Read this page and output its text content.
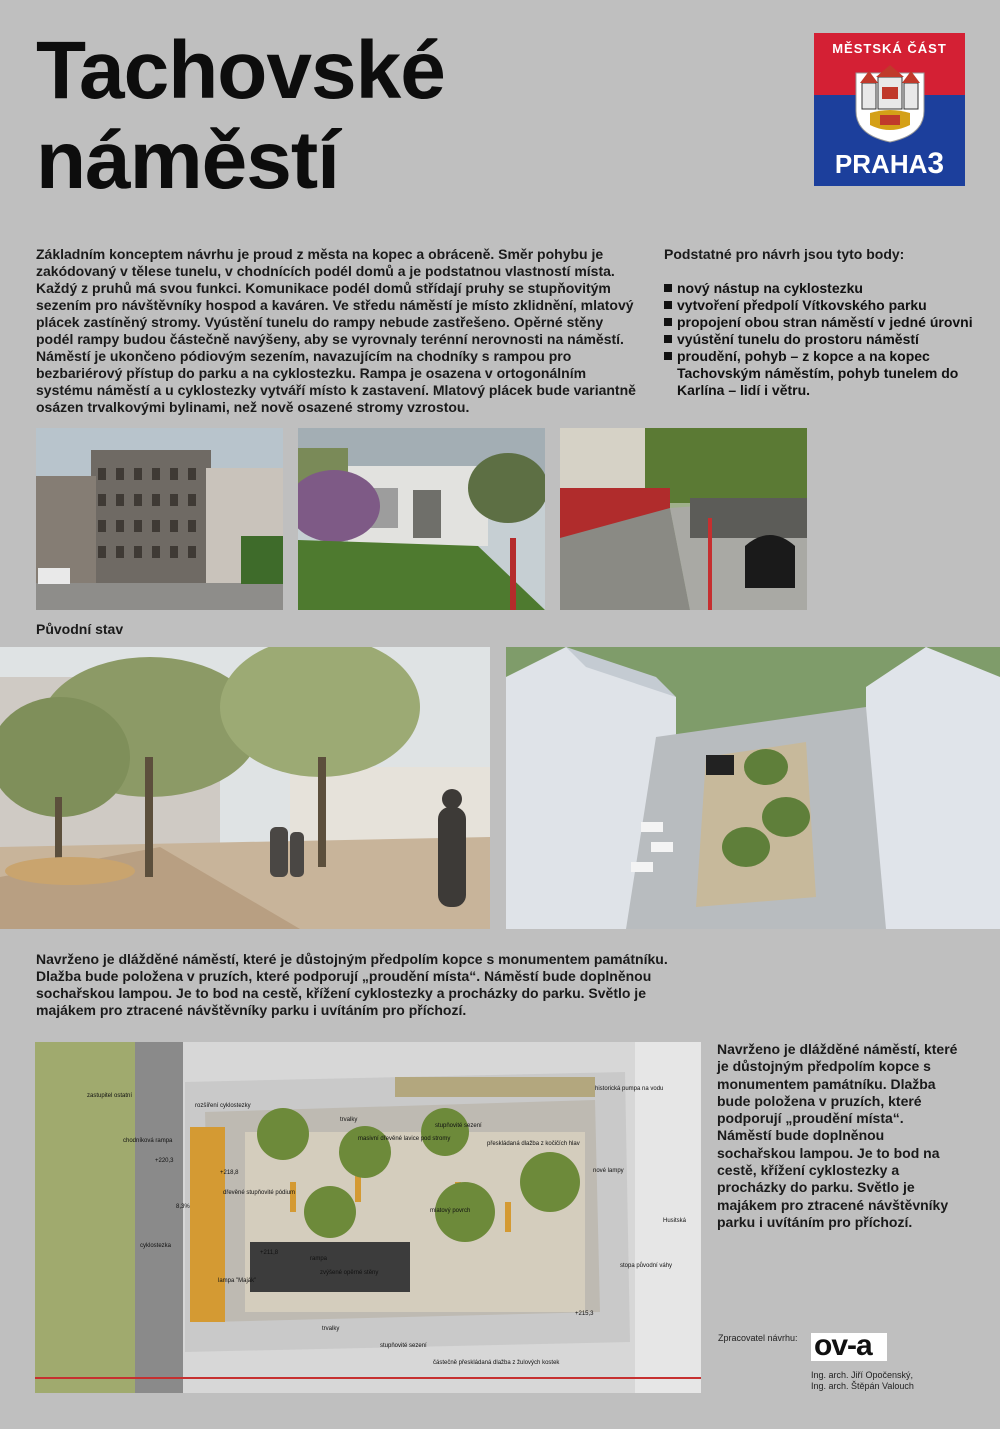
Tachovské
náměstí
MĚSTSKÁ ČÁST
PRAHA3
Základním konceptem návrhu je proud z města na kopec a obráceně. Směr pohybu je zakódovaný v tělese tunelu, v chodnících podél domů a je podstatnou vlastností místa. Každý z pruhů má svou funkci. Komunikace podél domů střídají pruhy se stupňovitým sezením pro návštěvníky hospod a kaváren. Ve středu náměstí je místo zklidnění, mlatový plácek zastíněný stromy. Vyústění tunelu do rampy nebude zastřešeno. Opěrné stěny podél rampy budou částečně navýšeny, aby se vyrovnaly terénní nerovnosti na náměstí. Náměstí je ukončeno pódiovým sezením, navazujícím na chodníky s rampou pro bezbariérový přístup do parku a na cyklostezku. Rampa je osazena v ortogonálním systému náměstí a u cyklostezky vytváří místo k zastavení. Mlatový plácek bude variantně osázen trvalkovými bylinami, než nově osazené stromy vzrostou.
Podstatné pro návrh jsou tyto body:
nový nástup na cyklostezku
vytvoření předpolí Vítkovského parku
propojení obou stran náměstí v jedné úrovni
vyústění tunelu do prostoru náměstí
proudění, pohyb – z kopce a na kopec Tachovským náměstím, pohyb tunelem do Karlína – lidí i větru.
Původní stav
Navrženo je dlážděné náměstí, které je důstojným předpolím kopce s monumentem památníku. Dlažba bude položena v pruzích, které podporují „proudění místa“. Náměstí bude doplněnou sochařskou lampou. Je to bod na cestě, křížení cyklostezky a procházky do parku. Světlo je majákem pro ztracené návštěvníky parku i uvítáním pro příchozí.
rozšíření cyklostezky
chodníková rampa
+220,3
+218,8
dřevěné stupňovité pódium
8,3%
cyklostezka
zastupitel ostatní
trvalky
masivní dřevěné lavice pod stromy
stupňovité sezení
historická pumpa na vodu
přeskládaná dlažba z kočičích hlav
nové lampy
mlatový povrch
+211,8
rampa
zvýšené opěrné stěny
lampa "Maják"
stopa původní váhy
Husitská
+215,3
trvalky
stupňovité sezení
částečně přeskládaná dlažba z žulových kostek
Navrženo je dlážděné náměstí, které je důstojným předpolím kopce s monumentem památníku. Dlažba bude položena v pruzích, které podporují „proudění místa“. Náměstí bude doplněnou sochařskou lampou. Je to bod na cestě, křížení cyklostezky a procházky do parku. Světlo je majákem pro ztracené návštěvníky parku i uvítáním pro příchozí.
Zpracovatel návrhu: ov-a
Ing. arch. Jiří Opočenský,
Ing. arch. Štěpán Valouch
